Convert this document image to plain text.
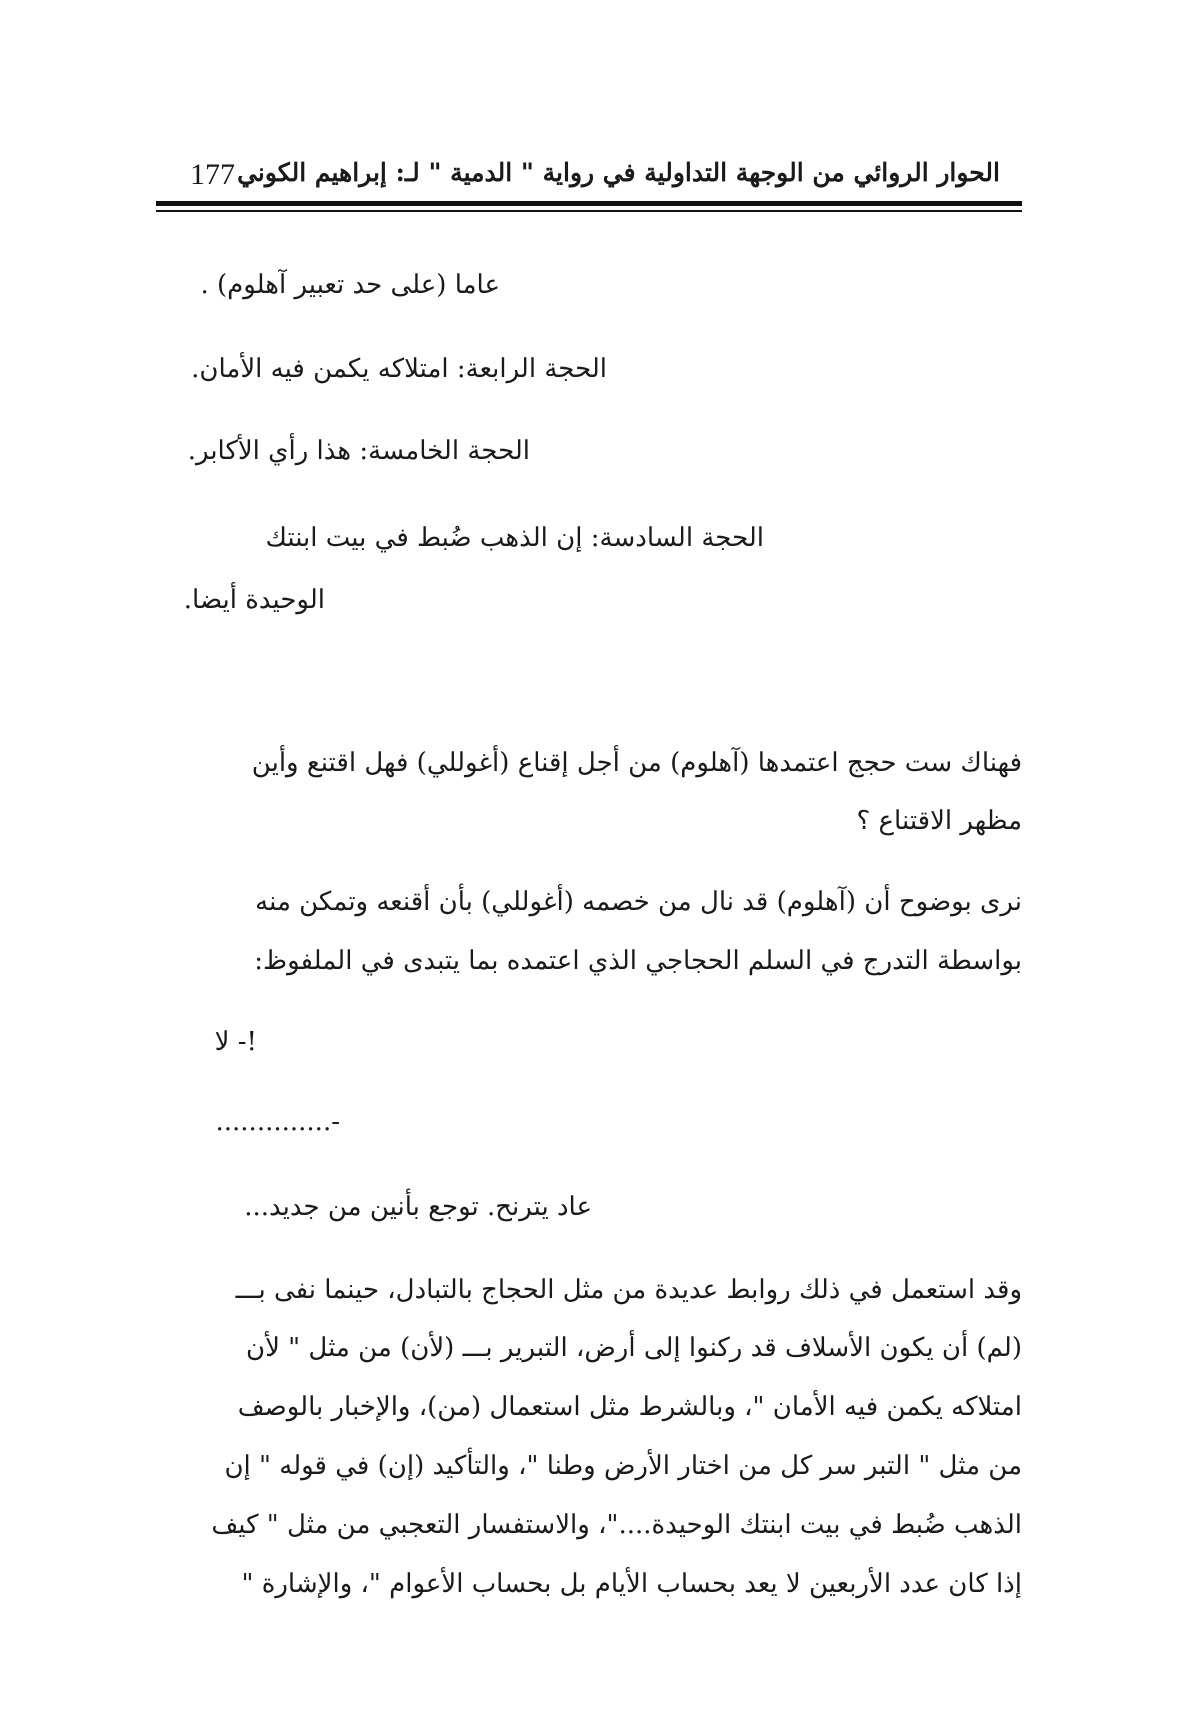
177 الحوار الروائي من الوجهة التداولية في رواية " الدمية " لـ: إبراهيم الكوني
عاما (على حد تعبير آهلوم) .
الحجة الرابعة: امتلاكه يكمن فيه الأمان.
الحجة الخامسة: هذا رأي الأكابر.
الحجة السادسة: إن الذهب ضُبط في بيت ابنتك
الوحيدة أيضا.
فهناك ست حجج اعتمدها (آهلوم) من أجل إقناع (أغوللي) فهل اقتنع وأين
مظهر الاقتناع ؟
نرى بوضوح أن (آهلوم) قد نال من خصمه (أغوللي) بأن أقنعه وتمكن منه
بواسطة التدرج في السلم الحجاجي الذي اعتمده بما يتبدى في الملفوظ:
!- لا
-..............
عاد يترنح. توجع بأنين من جديد...
وقد استعمل في ذلك روابط عديدة من مثل الحجاج بالتبادل، حينما نفى بـــ
(لم) أن يكون الأسلاف قد ركنوا إلى أرض، التبرير بـــ (لأن) من مثل " لأن
امتلاكه يكمن فيه الأمان "، وبالشرط مثل استعمال (من)، والإخبار بالوصف
من مثل " التبر سر كل من اختار الأرض وطنا "، والتأكيد (إن) في قوله " إن
الذهب ضُبط في بيت ابنتك الوحيدة...."، والاستفسار التعجبي من مثل " كيف
إذا كان عدد الأربعين لا يعد بحساب الأيام بل بحساب الأعوام "، والإشارة "
